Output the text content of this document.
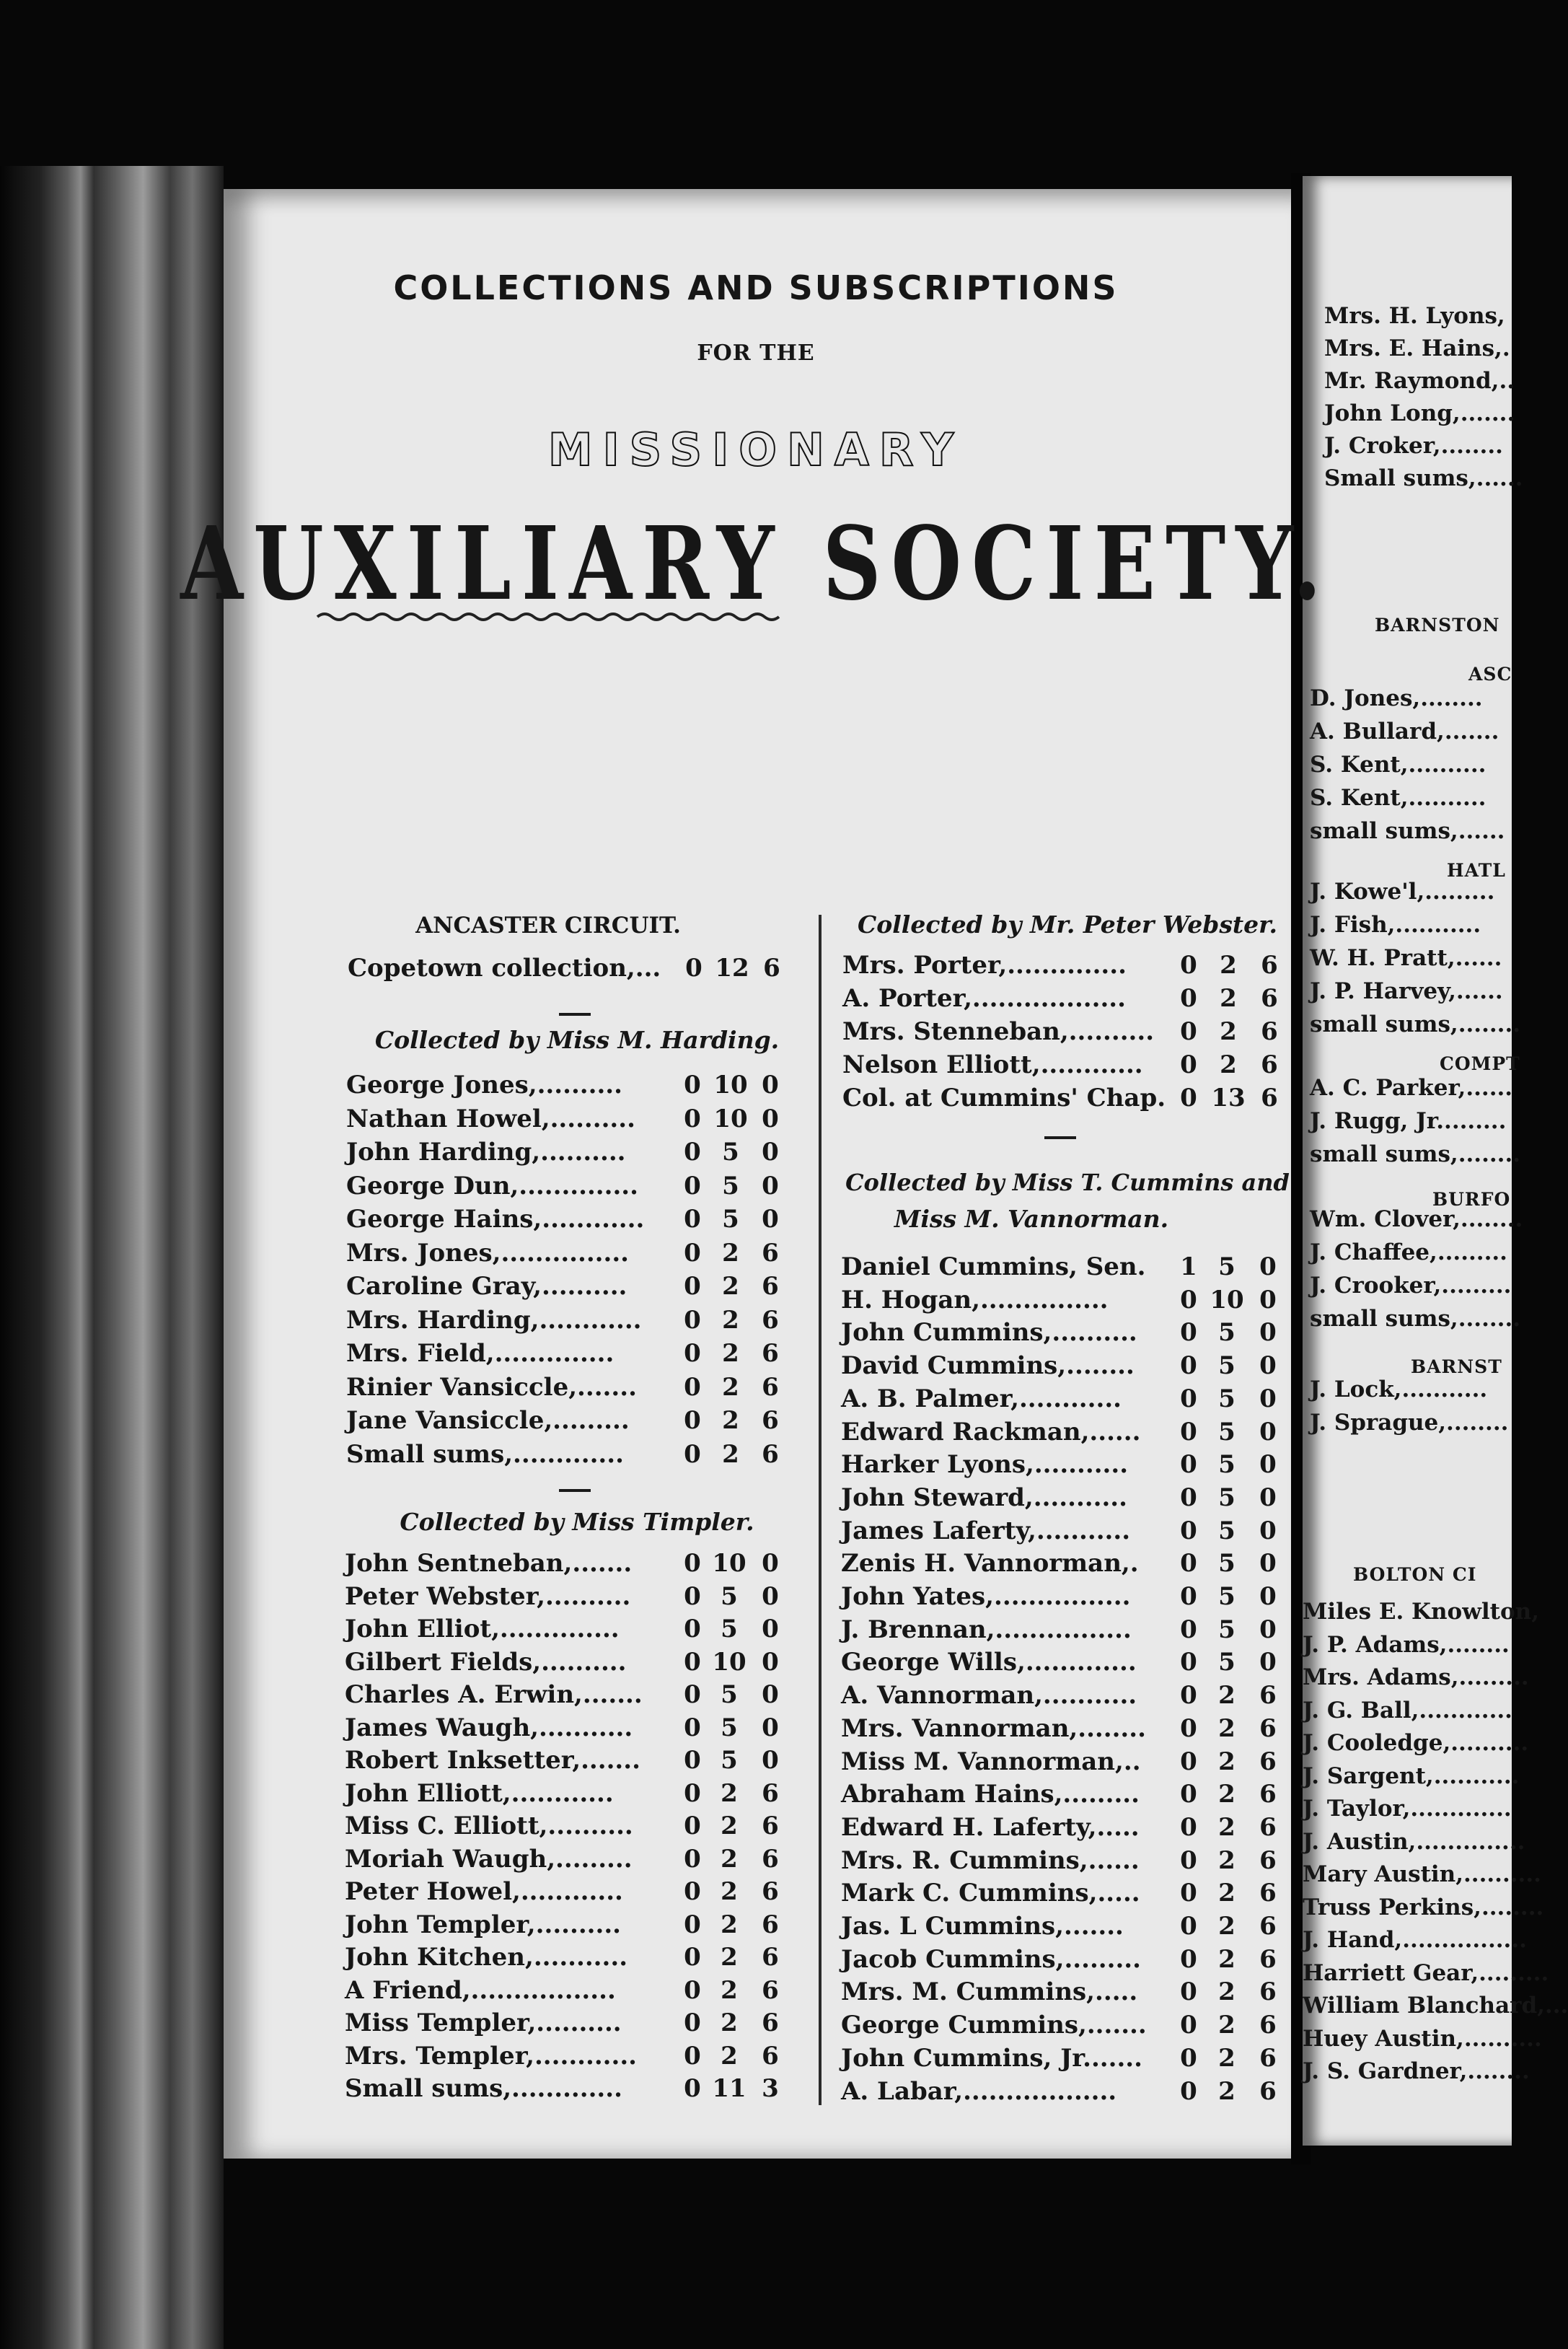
Mrs. H. Lyons,
Mrs. E. Hains,.
Mr. Raymond,..
John Long,.......
J. Croker,........
Small sums,......
BARNSTON
ASC
D. Jones,........
A. Bullard,.......
S. Kent,..........
S. Kent,..........
small sums,......
HATL
J. Kowe'l,.........
J. Fish,...........
W. H. Pratt,......
J. P. Harvey,......
small sums,........
COMPT
A. C. Parker,......
J. Rugg, Jr.........
small sums,........
BURFO
Wm. Clover,........
J. Chaffee,.........
J. Crooker,.........
small sums,........
BARNST
J. Lock,...........
J. Sprague,........
BOLTON CI
Miles E. Knowlton,
J. P. Adams,........
Mrs. Adams,.........
J. G. Ball,............
J. Cooledge,..........
J. Sargent,...........
J. Taylor,.............
J. Austin,..............
Mary Austin,..........
Truss Perkins,........
J. Hand,................
Harriett Gear,.........
William Blanchard,...
Huey Austin,..........
J. S. Gardner,........
COLLECTIONS AND SUBSCRIPTIONS
FOR THE
MISSIONARY
AUXILIARY SOCIETY.
ANCASTER CIRCUIT.
Copetown collection,... 0 12 6
Collected by Miss M. Harding.
Collected by Miss Timpler.
Collected by Mr. Peter Webster.
Collected by Miss T. Cummins and
Miss M. Vannorman.
George Jones,..........	0 10 0
Nathan Howel,.......... 0 10 0
John Harding,.......... 0 5 0
George Dun,.............. 0 5 0
George Hains,............ 0 5 0
Mrs. Jones,............... 0 2 6
Caroline Gray,.......... 0 2 6
Mrs. Harding,............ 0 2 6
Mrs. Field,..............	0 2 6
Rinier Vansiccle,....... 0 2 6
Jane Vansiccle,......... 0 2 6
Small sums,............. 0 2 6
John Sentneban,....... 0 10 0
Peter Webster,.......... 0 5 0
John Elliot,..............	0 5 0
Gilbert Fields,.......... 0 10 0
Charles A. Erwin,....... 0 5 0
James Waugh,........... 0 5 0
Robert Inksetter,....... 0 5 0
John Elliott,............	0 2 6
Miss C. Elliott,.......... 0 2 6
Moriah Waugh,......... 0 2 6
Peter Howel,............ 0 2 6
John Templer,..........	0 2 6
John Kitchen,........... 0 2 6
A Friend,.................	0 2 6
Miss Templer,..........	0 2 6
Mrs. Templer,............ 0 2 6
Small sums,.............	0 11 3
Mrs. Porter,.............. 0 2 6
A. Porter,.................. 0 2 6
Mrs. Stenneban,.......... 0 2 6
Nelson Elliott,............ 0 2 6
Col. at Cummins' Chap. 0 13 6
Daniel Cummins, Sen. 1 5 0
H. Hogan,...............	0 10 0
John Cummins,.......... 0 5 0
David Cummins,........ 0 5 0
A. B. Palmer,............ 0 5 0
Edward Rackman,...... 0 5 0
Harker Lyons,........... 0 5 0
John Steward,........... 0 5 0
James Laferty,........... 0 5 0
Zenis H. Vannorman,. 0 5 0
John Yates,................ 0 5 0
J. Brennan,................ 0 5 0
George Wills,............. 0 5 0
A. Vannorman,........... 0 2 6
Mrs. Vannorman,........ 0 2 6
Miss M. Vannorman,.. 0 2 6
Abraham Hains,......... 0 2 6
Edward H. Laferty,..... 0 2 6
Mrs. R. Cummins,...... 0 2 6
Mark C. Cummins,..... 0 2 6
Jas. L Cummins,....... 0 2 6
Jacob Cummins,......... 0 2 6
Mrs. M. Cummins,..... 0 2 6
George Cummins,....... 0 2 6
John Cummins, Jr....... 0 2 6
A. Labar,..................	0 2 6
